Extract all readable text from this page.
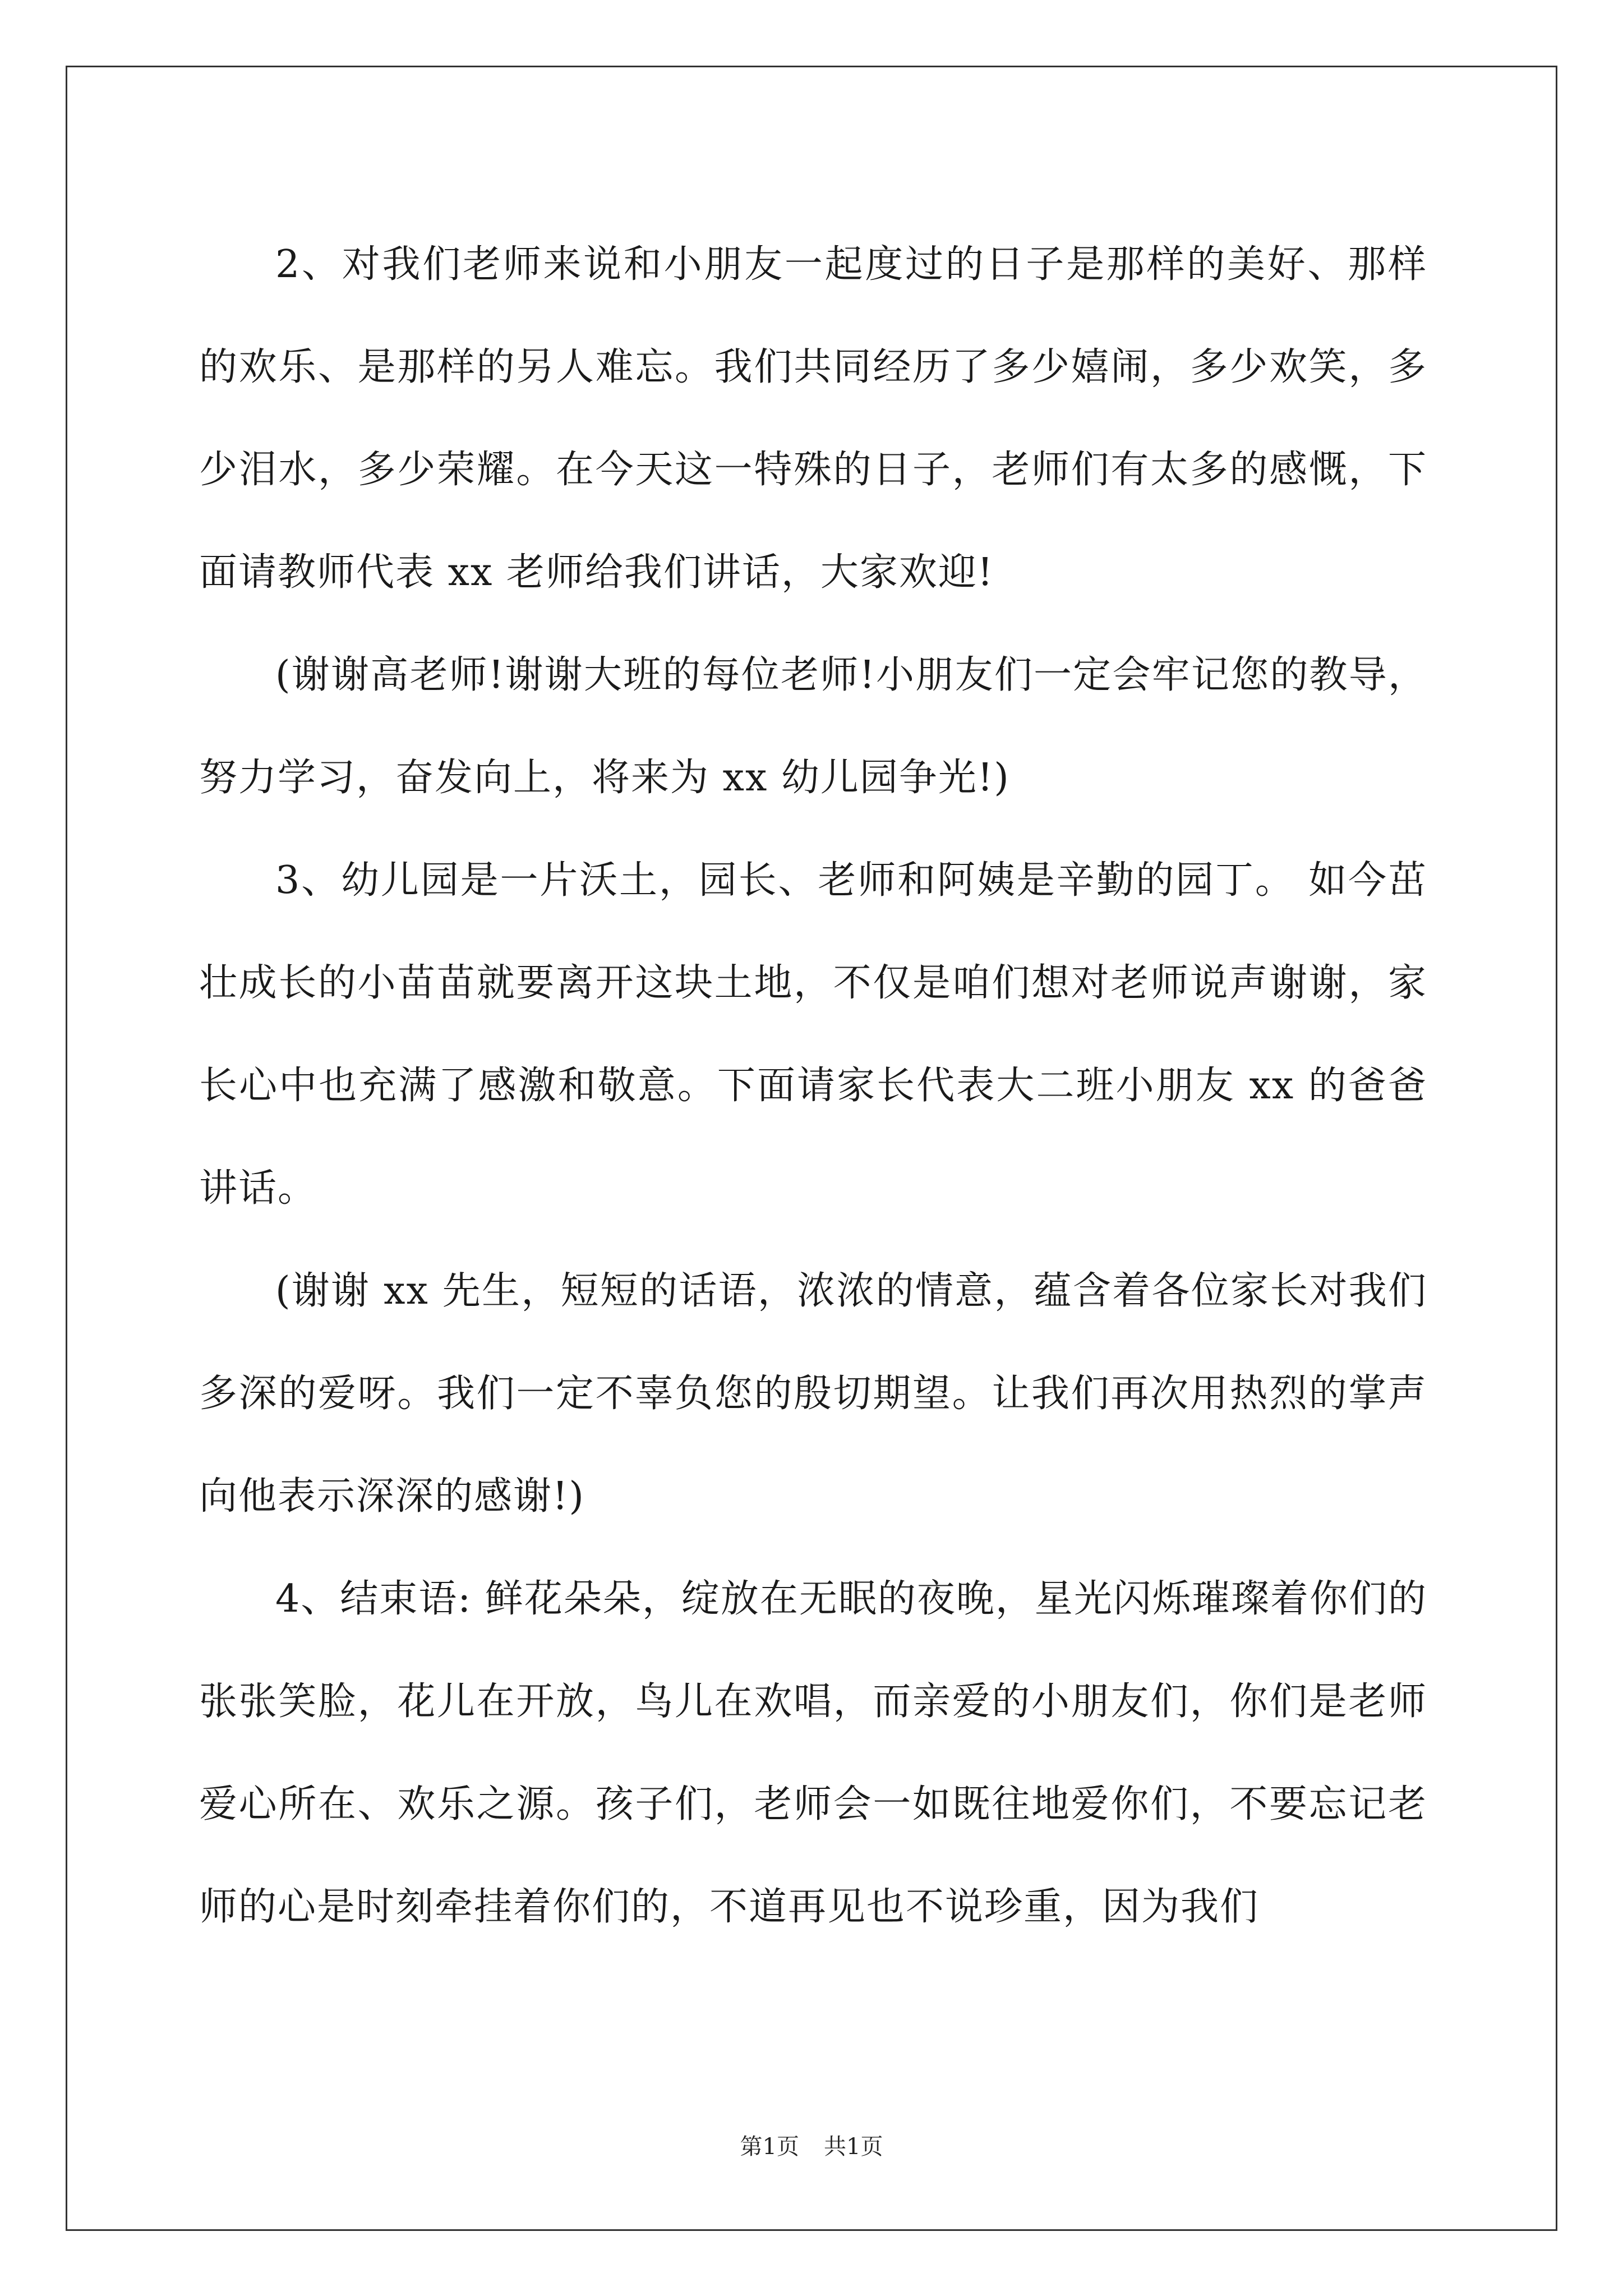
2、对我们老师来说和小朋友一起度过的日子是那样的美好、那样的欢乐、是那样的另人难忘。我们共同经历了多少嬉闹，多少欢笑，多少泪水，多少荣耀。在今天这一特殊的日子，老师们有太多的感慨，下面请教师代表 xx 老师给我们讲话，大家欢迎!

(谢谢高老师!谢谢大班的每位老师!小朋友们一定会牢记您的教导，努力学习，奋发向上，将来为 xx 幼儿园争光!)

3、幼儿园是一片沃土，园长、老师和阿姨是辛勤的园丁。 如今茁壮成长的小苗苗就要离开这块土地，不仅是咱们想对老师说声谢谢，家长心中也充满了感激和敬意。下面请家长代表大二班小朋友 xx 的爸爸讲话。

(谢谢 xx 先生，短短的话语，浓浓的情意，蕴含着各位家长对我们多深的爱呀。我们一定不辜负您的殷切期望。让我们再次用热烈的掌声向他表示深深的感谢!)

4、结束语: 鲜花朵朵，绽放在无眠的夜晚，星光闪烁璀璨着你们的张张笑脸，花儿在开放，鸟儿在欢唱，而亲爱的小朋友们，你们是老师爱心所在、欢乐之源。孩子们，老师会一如既往地爱你们，不要忘记老师的心是时刻牵挂着你们的，不道再见也不说珍重，因为我们

第1页 共1页
